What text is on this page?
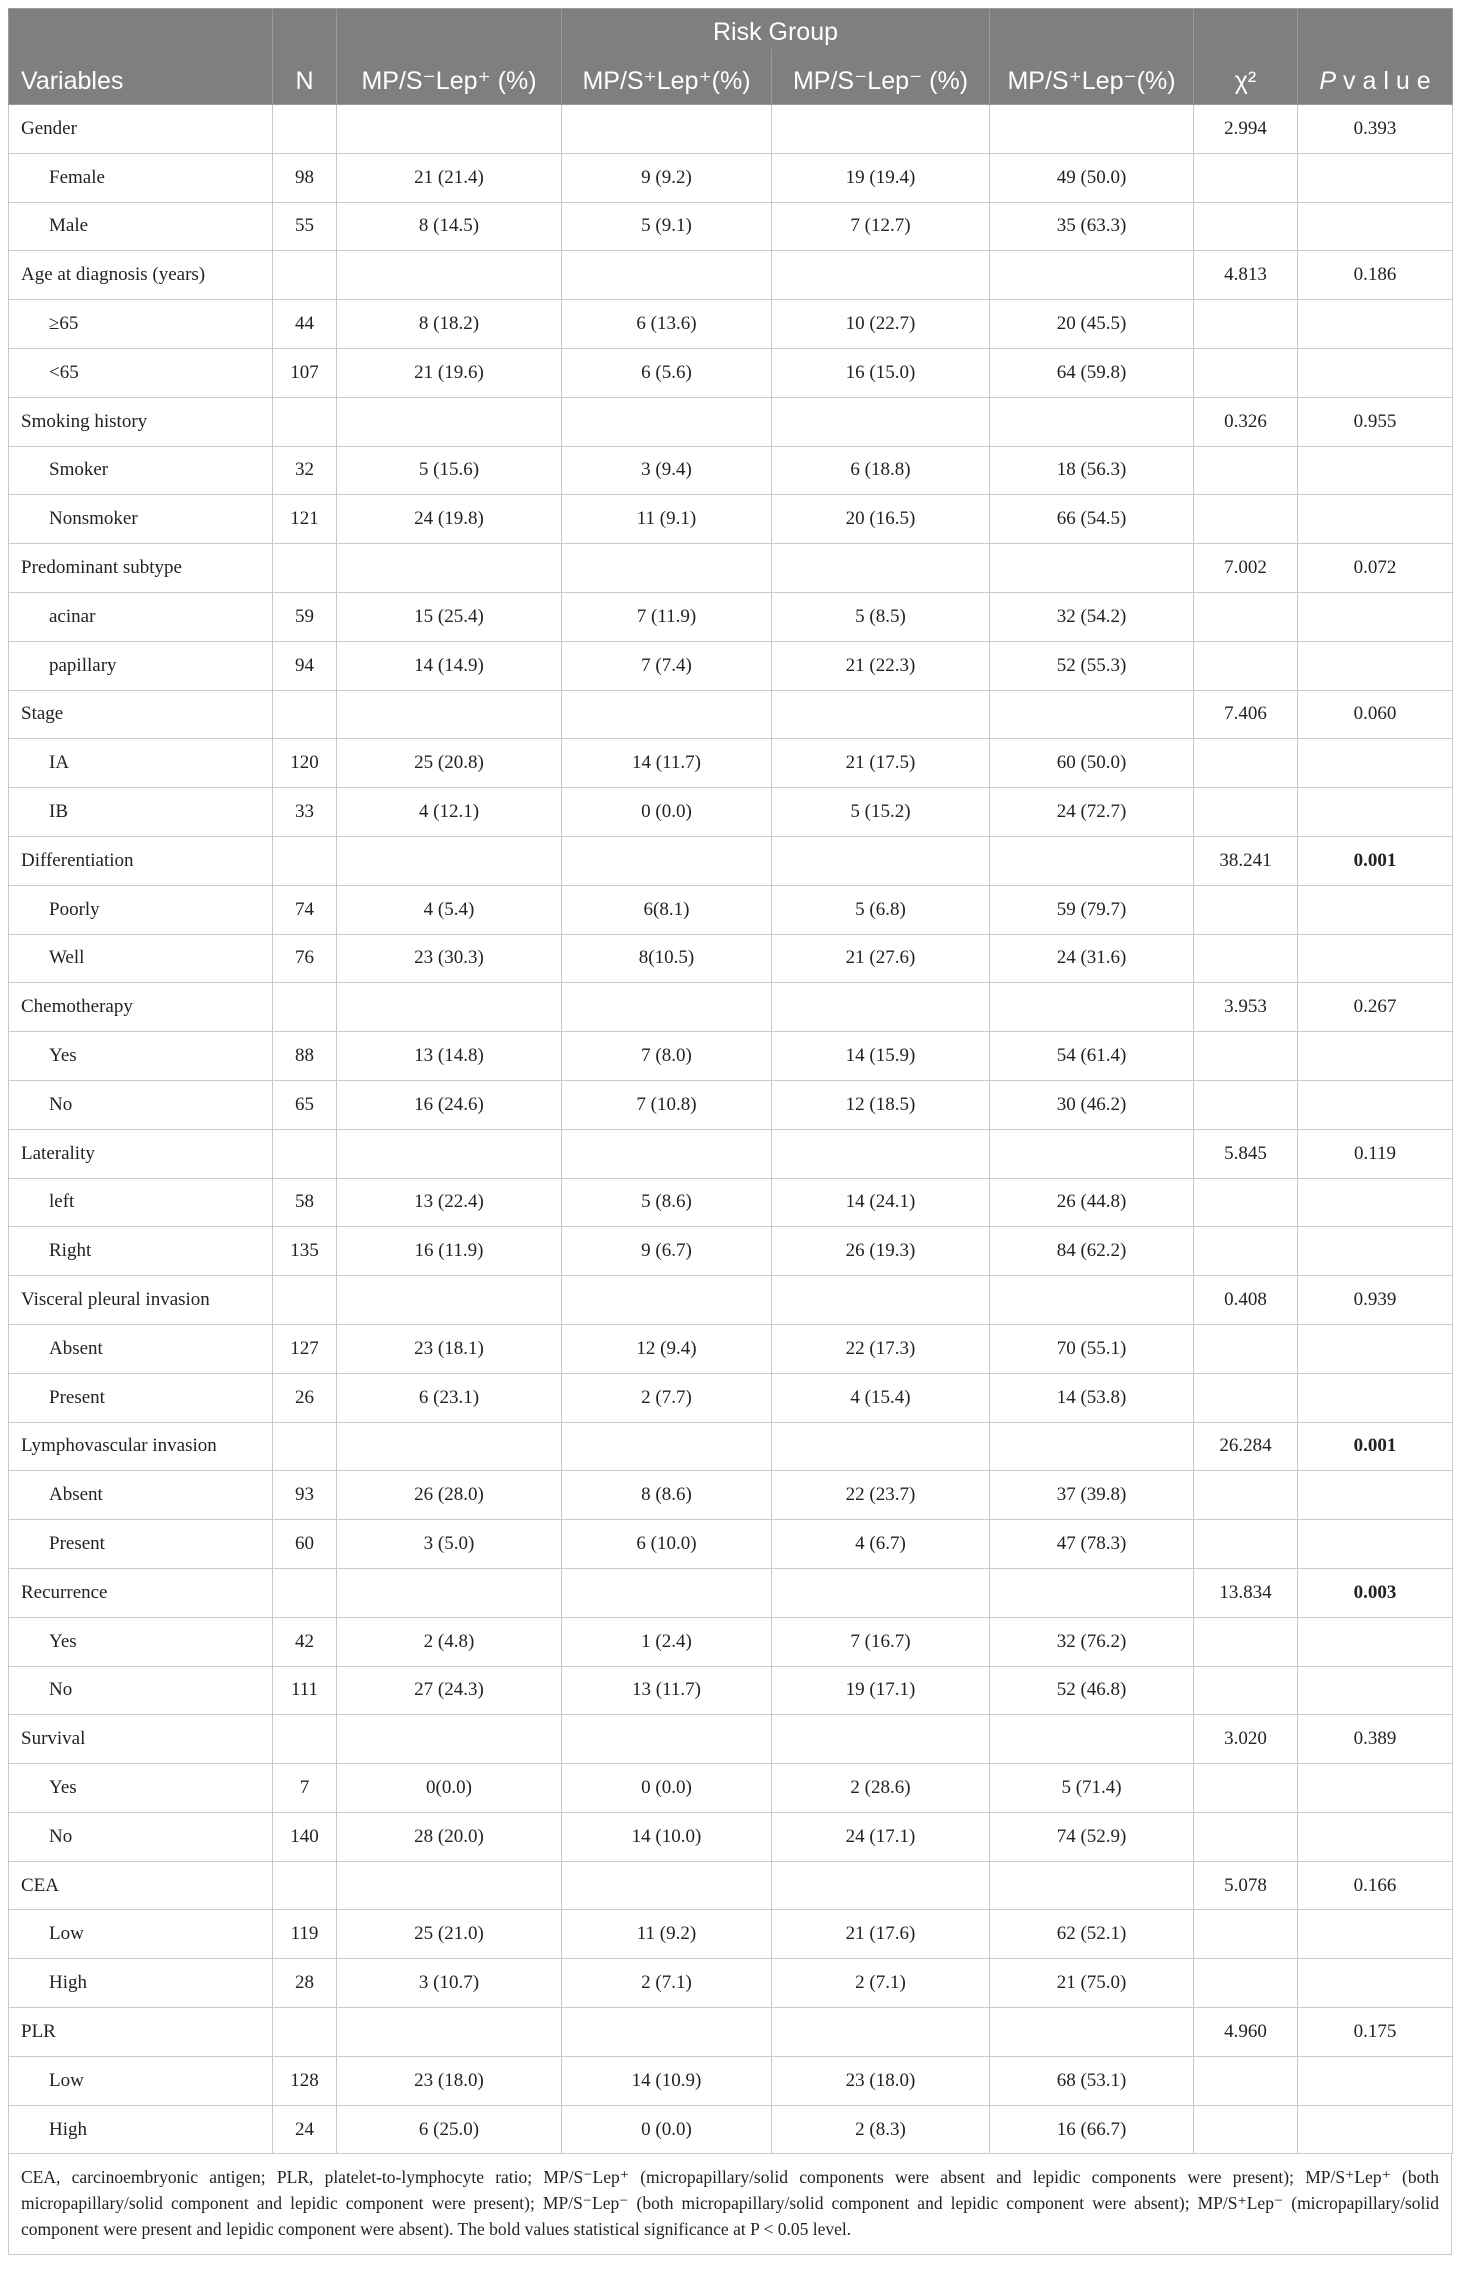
Variables	N		Risk Group			χ²	P v a l u e
		MP/S⁻Lep⁺ (%)	MP/S⁺Lep⁺(%)	MP/S⁻Lep⁻ (%)	MP/S⁺Lep⁻(%)		
Gender						2.994	0.393
Female	98	21 (21.4)	9 (9.2)	19 (19.4)	49 (50.0)		
Male	55	8 (14.5)	5 (9.1)	7 (12.7)	35 (63.3)		
Age at diagnosis (years)						4.813	0.186
≥65	44	8 (18.2)	6 (13.6)	10 (22.7)	20 (45.5)		
<65	107	21 (19.6)	6 (5.6)	16 (15.0)	64 (59.8)		
Smoking history						0.326	0.955
Smoker	32	5 (15.6)	3 (9.4)	6 (18.8)	18 (56.3)		
Nonsmoker	121	24 (19.8)	11 (9.1)	20 (16.5)	66 (54.5)		
Predominant subtype						7.002	0.072
acinar	59	15 (25.4)	7 (11.9)	5 (8.5)	32 (54.2)		
papillary	94	14 (14.9)	7 (7.4)	21 (22.3)	52 (55.3)		
Stage						7.406	0.060
IA	120	25 (20.8)	14 (11.7)	21 (17.5)	60 (50.0)		
IB	33	4 (12.1)	0 (0.0)	5 (15.2)	24 (72.7)		
Differentiation						38.241	0.001
Poorly	74	4 (5.4)	6(8.1)	5 (6.8)	59 (79.7)		
Well	76	23 (30.3)	8(10.5)	21 (27.6)	24 (31.6)		
Chemotherapy						3.953	0.267
Yes	88	13 (14.8)	7 (8.0)	14 (15.9)	54 (61.4)		
No	65	16 (24.6)	7 (10.8)	12 (18.5)	30 (46.2)		
Laterality						5.845	0.119
left	58	13 (22.4)	5 (8.6)	14 (24.1)	26 (44.8)		
Right	135	16 (11.9)	9 (6.7)	26 (19.3)	84 (62.2)		
Visceral pleural invasion						0.408	0.939
Absent	127	23 (18.1)	12 (9.4)	22 (17.3)	70 (55.1)		
Present	26	6 (23.1)	2 (7.7)	4 (15.4)	14 (53.8)		
Lymphovascular invasion						26.284	0.001
Absent	93	26 (28.0)	8 (8.6)	22 (23.7)	37 (39.8)		
Present	60	3 (5.0)	6 (10.0)	4 (6.7)	47 (78.3)		
Recurrence						13.834	0.003
Yes	42	2 (4.8)	1 (2.4)	7 (16.7)	32 (76.2)		
No	111	27 (24.3)	13 (11.7)	19 (17.1)	52 (46.8)		
Survival						3.020	0.389
Yes	7	0(0.0)	0 (0.0)	2 (28.6)	5 (71.4)		
No	140	28 (20.0)	14 (10.0)	24 (17.1)	74 (52.9)		
CEA						5.078	0.166
Low	119	25 (21.0)	11 (9.2)	21 (17.6)	62 (52.1)		
High	28	3 (10.7)	2 (7.1)	2 (7.1)	21 (75.0)		
PLR						4.960	0.175
Low	128	23 (18.0)	14 (10.9)	23 (18.0)	68 (53.1)		
High	24	6 (25.0)	0 (0.0)	2 (8.3)	16 (66.7)		
CEA, carcinoembryonic antigen; PLR, platelet-to-lymphocyte ratio; MP/S⁻Lep⁺ (micropapillary/solid components were absent and lepidic components were present); MP/S⁺Lep⁺ (both micropapillary/solid component and lepidic component were present); MP/S⁻Lep⁻ (both micropapillary/solid component and lepidic component were absent); MP/S⁺Lep⁻ (micropapillary/solid component were present and lepidic component were absent). The bold values statistical significance at P < 0.05 level.
